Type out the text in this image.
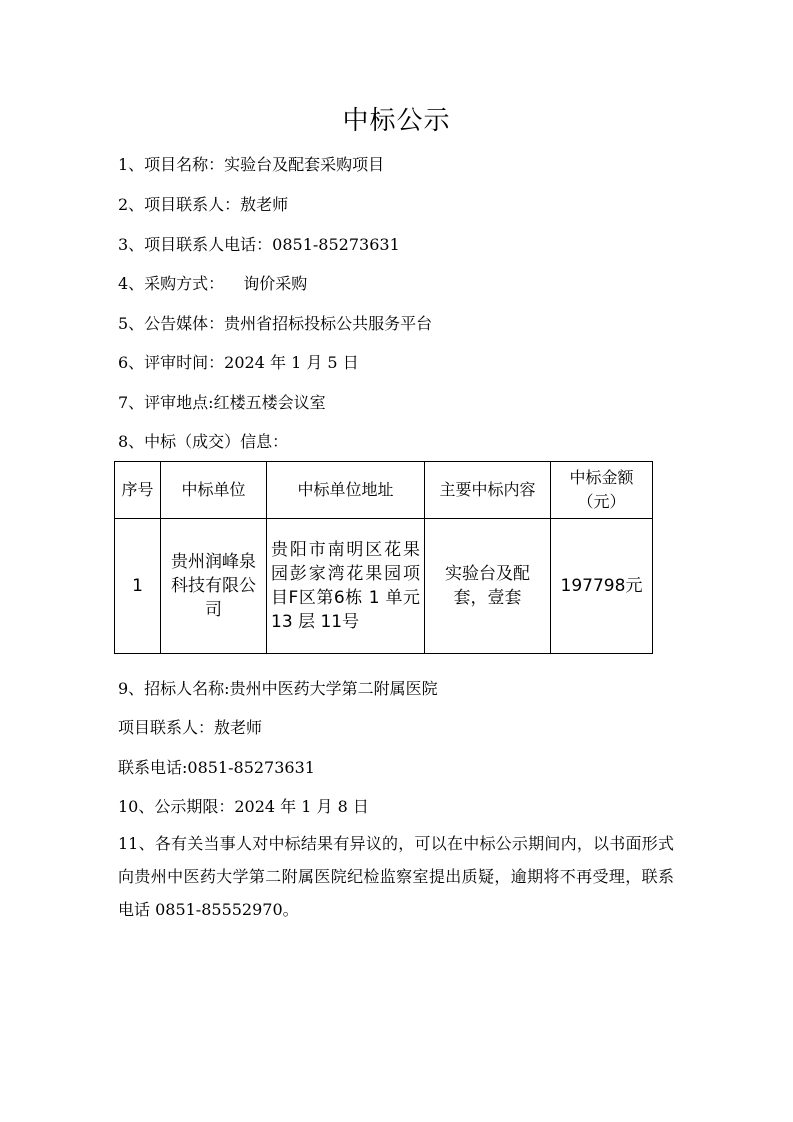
中标公示
1、项目名称：实验台及配套采购项目
2、项目联系人：敖老师
3、项目联系人电话：0851-85273631
4、采购方式： 询价采购
5、公告媒体：贵州省招标投标公共服务平台
6、评审时间：2024 年 1 月 5 日
7、评审地点:红楼五楼会议室
8、中标（成交）信息：
序号	中标单位	中标单位地址	主要中标内容	中标金额（元）
1	贵州润峰泉科技有限公司	贵阳市南明区花果园彭家湾花果园项目F区第6栋 1 单元 13 层 11号	实验台及配套，壹套	197798元
9、招标人名称:贵州中医药大学第二附属医院
项目联系人：敖老师
联系电话:0851-85273631
10、公示期限：2024 年 1 月 8 日
11、各有关当事人对中标结果有异议的，可以在中标公示期间内，以书面形式向贵州中医药大学第二附属医院纪检监察室提出质疑，逾期将不再受理，联系电话 0851-85552970。
